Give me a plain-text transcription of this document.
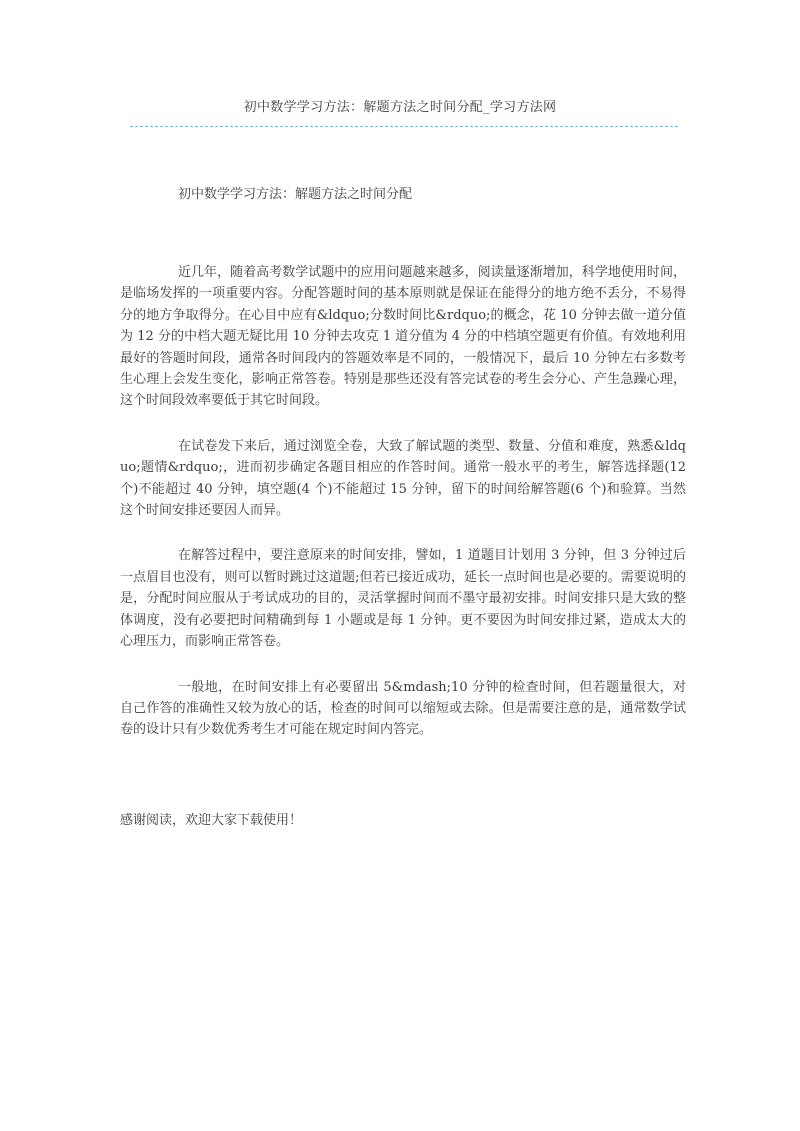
初中数学学习方法：解题方法之时间分配_学习方法网
初中数学学习方法：解题方法之时间分配

近几年，随着高考数学试题中的应用问题越来越多，阅读量逐渐增加，科学地使用时间，是临场发挥的一项重要内容。分配答题时间的基本原则就是保证在能得分的地方绝不丢分，不易得分的地方争取得分。在心目中应有&ldquo;分数时间比&rdquo;的概念，花 10 分钟去做一道分值为 12 分的中档大题无疑比用 10 分钟去攻克 1 道分值为 4 分的中档填空题更有价值。有效地利用最好的答题时间段，通常各时间段内的答题效率是不同的，一般情况下，最后 10 分钟左右多数考生心理上会发生变化，影响正常答卷。特别是那些还没有答完试卷的考生会分心、产生急躁心理，这个时间段效率要低于其它时间段。

在试卷发下来后，通过浏览全卷，大致了解试题的类型、数量、分值和难度，熟悉&ldquo;题情&rdquo;，进而初步确定各题目相应的作答时间。通常一般水平的考生，解答选择题(12 个)不能超过 40 分钟，填空题(4 个)不能超过 15 分钟，留下的时间给解答题(6 个)和验算。当然这个时间安排还要因人而异。

在解答过程中，要注意原来的时间安排，譬如，1 道题目计划用 3 分钟，但 3 分钟过后一点眉目也没有，则可以暂时跳过这道题;但若已接近成功，延长一点时间也是必要的。需要说明的是，分配时间应服从于考试成功的目的，灵活掌握时间而不墨守最初安排。时间安排只是大致的整体调度，没有必要把时间精确到每 1 小题或是每 1 分钟。更不要因为时间安排过紧，造成太大的心理压力，而影响正常答卷。

一般地，在时间安排上有必要留出 5&mdash;10 分钟的检查时间，但若题量很大，对自己作答的准确性又较为放心的话，检查的时间可以缩短或去除。但是需要注意的是，通常数学试卷的设计只有少数优秀考生才可能在规定时间内答完。

感谢阅读，欢迎大家下载使用！
